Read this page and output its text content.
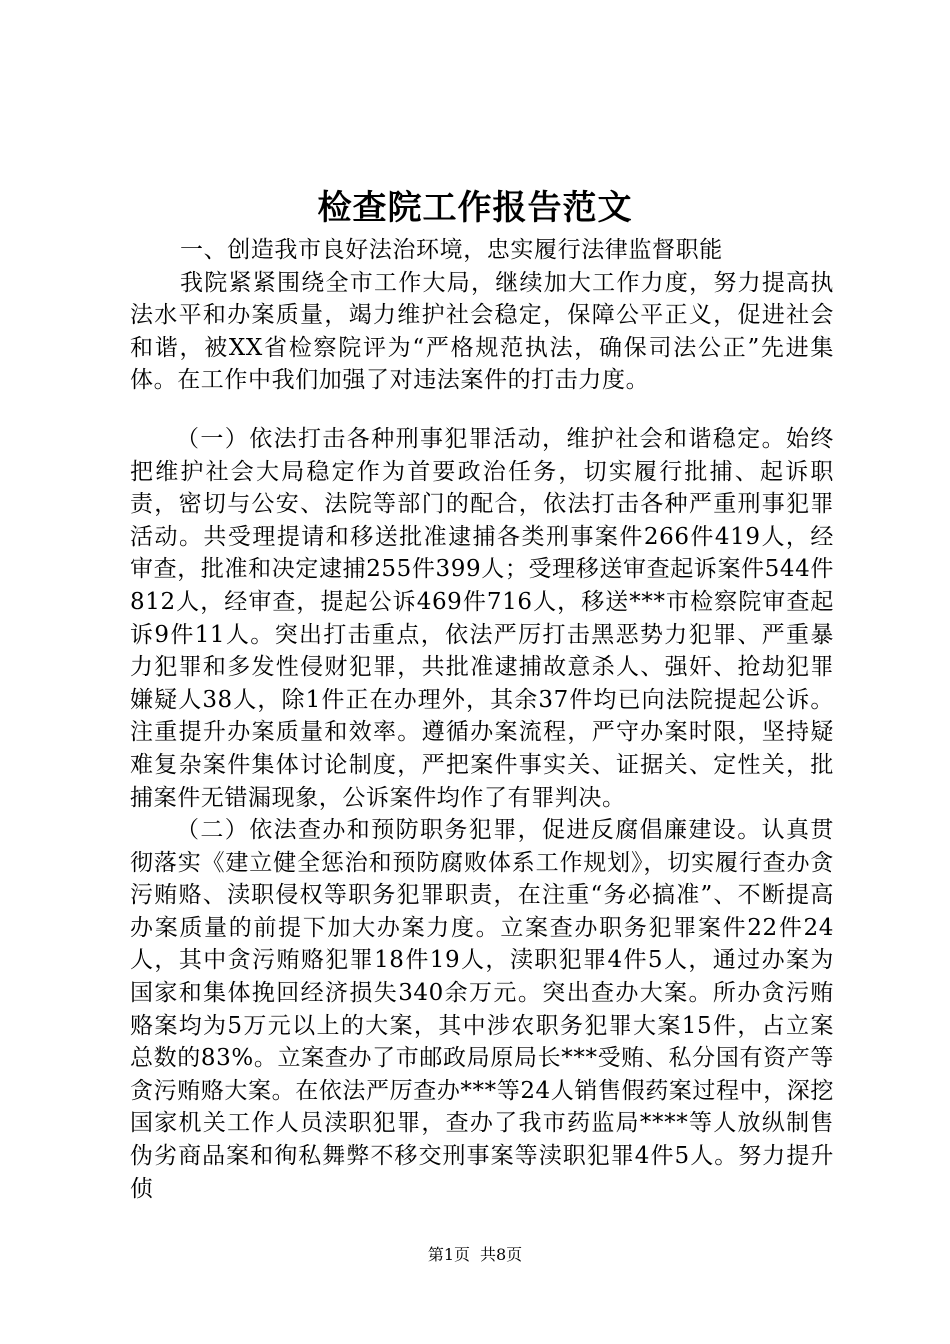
检查院工作报告范文

一、创造我市良好法治环境，忠实履行法律监督职能

我院紧紧围绕全市工作大局，继续加大工作力度，努力提高执法水平和办案质量，竭力维护社会稳定，保障公平正义，促进社会和谐，被XX省检察院评为“严格规范执法，确保司法公正”先进集体。在工作中我们加强了对违法案件的打击力度。

（一）依法打击各种刑事犯罪活动，维护社会和谐稳定。始终把维护社会大局稳定作为首要政治任务，切实履行批捕、起诉职责，密切与公安、法院等部门的配合，依法打击各种严重刑事犯罪活动。共受理提请和移送批准逮捕各类刑事案件266件419人，经审查，批准和决定逮捕255件399人；受理移送审查起诉案件544件812人，经审查，提起公诉469件716人，移送***市检察院审查起诉9件11人。突出打击重点，依法严厉打击黑恶势力犯罪、严重暴力犯罪和多发性侵财犯罪，共批准逮捕故意杀人、强奸、抢劫犯罪嫌疑人38人，除1件正在办理外，其余37件均已向法院提起公诉。注重提升办案质量和效率。遵循办案流程，严守办案时限，坚持疑难复杂案件集体讨论制度，严把案件事实关、证据关、定性关，批捕案件无错漏现象，公诉案件均作了有罪判决。

（二）依法查办和预防职务犯罪，促进反腐倡廉建设。认真贯彻落实《建立健全惩治和预防腐败体系工作规划》，切实履行查办贪污贿赂、渎职侵权等职务犯罪职责，在注重“务必搞准”、不断提高办案质量的前提下加大办案力度。立案查办职务犯罪案件22件24人，其中贪污贿赂犯罪18件19人，渎职犯罪4件5人，通过办案为国家和集体挽回经济损失340余万元。突出查办大案。所办贪污贿赂案均为5万元以上的大案，其中涉农职务犯罪大案15件，占立案总数的83%。立案查办了市邮政局原局长***受贿、私分国有资产等贪污贿赂大案。在依法严厉查办***等24人销售假药案过程中，深挖国家机关工作人员渎职犯罪，查办了我市药监局****等人放纵制售伪劣商品案和徇私舞弊不移交刑事案等渎职犯罪4件5人。努力提升侦

第1页 共8页
